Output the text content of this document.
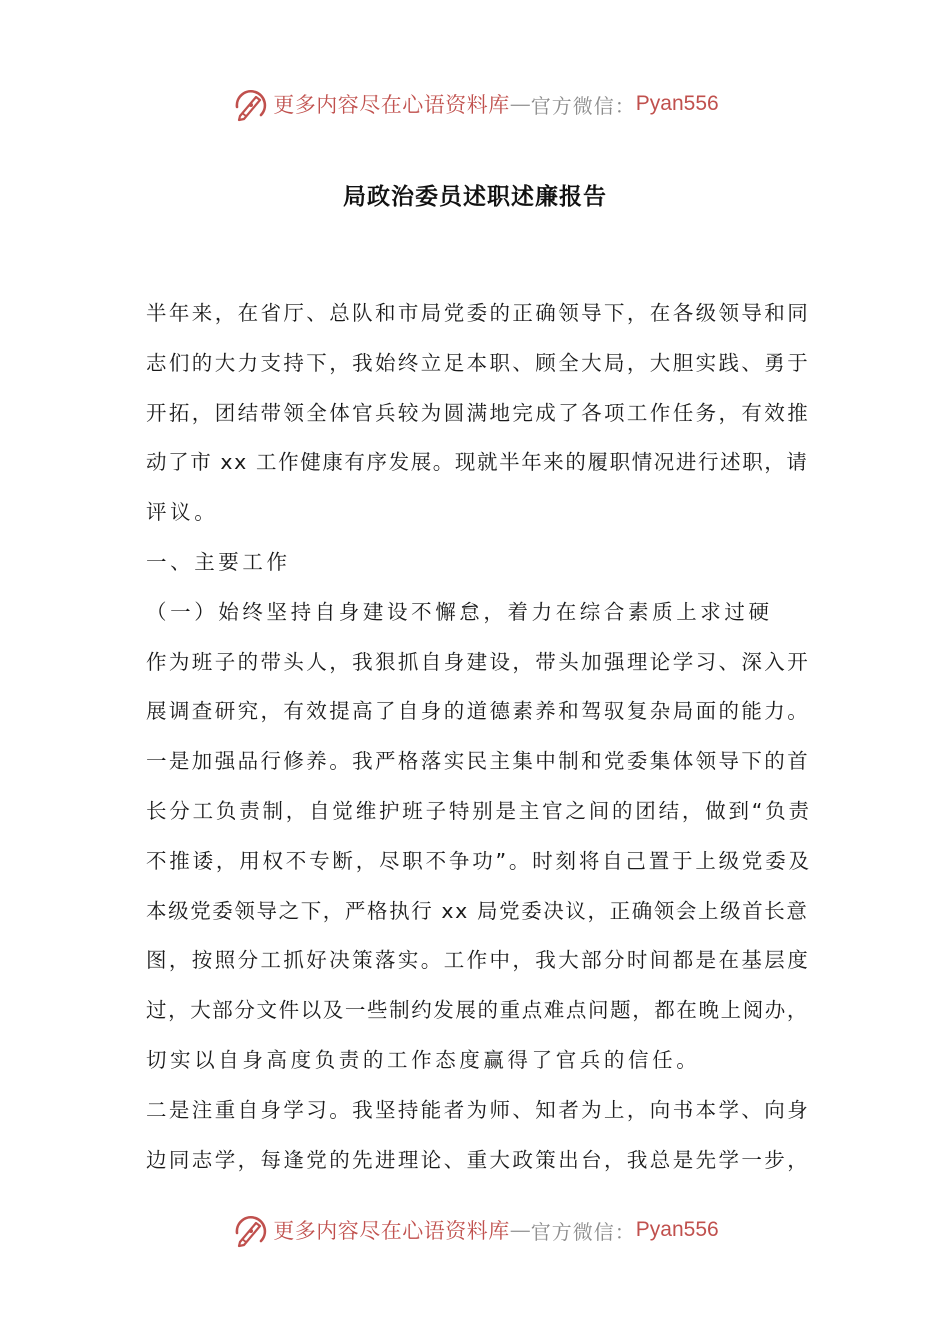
更多内容尽在心语资料库 — 官方微信： Pyan556
局政治委员述职述廉报告
半年来，在省厅、总队和市局党委的正确领导下，在各级领导和同
志们的大力支持下，我始终立足本职、顾全大局，大胆实践、勇于
开拓，团结带领全体官兵较为圆满地完成了各项工作任务，有效推
动了市 xx 工作健康有序发展。现就半年来的履职情况进行述职，请
评议。
一、主要工作
（一）始终坚持自身建设不懈怠，着力在综合素质上求过硬
作为班子的带头人，我狠抓自身建设，带头加强理论学习、深入开
展调查研究，有效提高了自身的道德素养和驾驭复杂局面的能力。
一是加强品行修养。我严格落实民主集中制和党委集体领导下的首
长分工负责制，自觉维护班子特别是主官之间的团结，做到“负责
不推诿，用权不专断，尽职不争功”。时刻将自己置于上级党委及
本级党委领导之下，严格执行 xx 局党委决议，正确领会上级首长意
图，按照分工抓好决策落实。工作中，我大部分时间都是在基层度
过，大部分文件以及一些制约发展的重点难点问题，都在晚上阅办，
切实以自身高度负责的工作态度赢得了官兵的信任。
二是注重自身学习。我坚持能者为师、知者为上，向书本学、向身
边同志学，每逢党的先进理论、重大政策出台，我总是先学一步，
更多内容尽在心语资料库 — 官方微信： Pyan556
